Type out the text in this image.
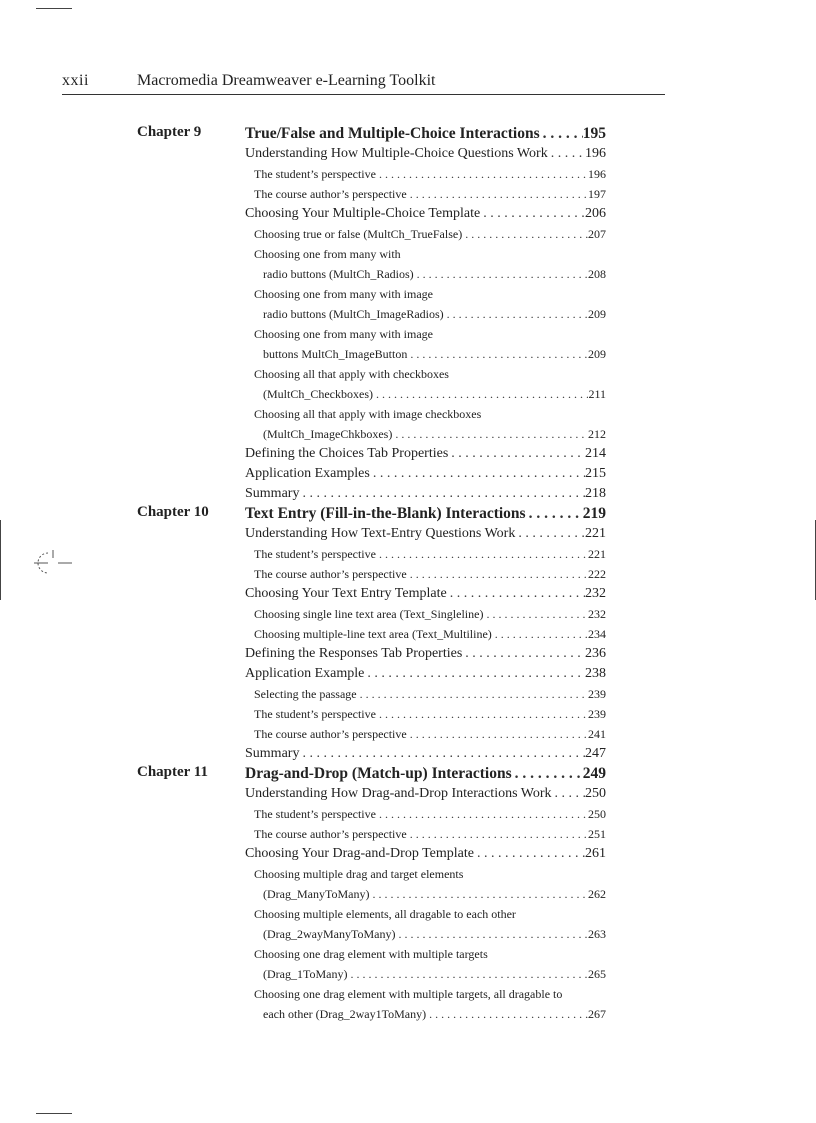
xxii	Macromedia Dreamweaver e-Learning Toolkit
Chapter 9	True/False and Multiple-Choice Interactions . . .	195
Understanding How Multiple-Choice Questions Work . . .	196
The student’s perspective . . .	196
The course author’s perspective . . .	197
Choosing Your Multiple-Choice Template . . .	206
Choosing true or false (MultCh_TrueFalse) . . .	207
Choosing one from many with
radio buttons (MultCh_Radios) . . .	208
Choosing one from many with image
radio buttons (MultCh_ImageRadios) . . .	209
Choosing one from many with image
buttons MultCh_ImageButton . . .	209
Choosing all that apply with checkboxes
(MultCh_Checkboxes) . . .	211
Choosing all that apply with image checkboxes
(MultCh_ImageChkboxes) . . .	212
Defining the Choices Tab Properties . . .	214
Application Examples . . .	215
Summary . . .	218
Chapter 10 Text Entry (Fill-in-the-Blank) Interactions . . .	219
Understanding How Text-Entry Questions Work . . .	221
The student’s perspective . . .	221
The course author’s perspective . . .	222
Choosing Your Text Entry Template . . .	232
Choosing single line text area (Text_Singleline) . . .	232
Choosing multiple-line text area (Text_Multiline) . . .	234
Defining the Responses Tab Properties . . .	236
Application Example . . .	238
Selecting the passage . . .	239
The student’s perspective . . .	239
The course author’s perspective . . .	241
Summary . . .	247
Chapter 11 Drag-and-Drop (Match-up) Interactions . . .	249
Understanding How Drag-and-Drop Interactions Work . . . 250
The student’s perspective . . .	250
The course author’s perspective . . .	251
Choosing Your Drag-and-Drop Template . . .	261
Choosing multiple drag and target elements
(Drag_ManyToMany) . . .	262
Choosing multiple elements, all dragable to each other
(Drag_2wayManyToMany) . . .	263
Choosing one drag element with multiple targets
(Drag_1ToMany) . . .	265
Choosing one drag element with multiple targets, all dragable to
each other (Drag_2way1ToMany) . . .	267
